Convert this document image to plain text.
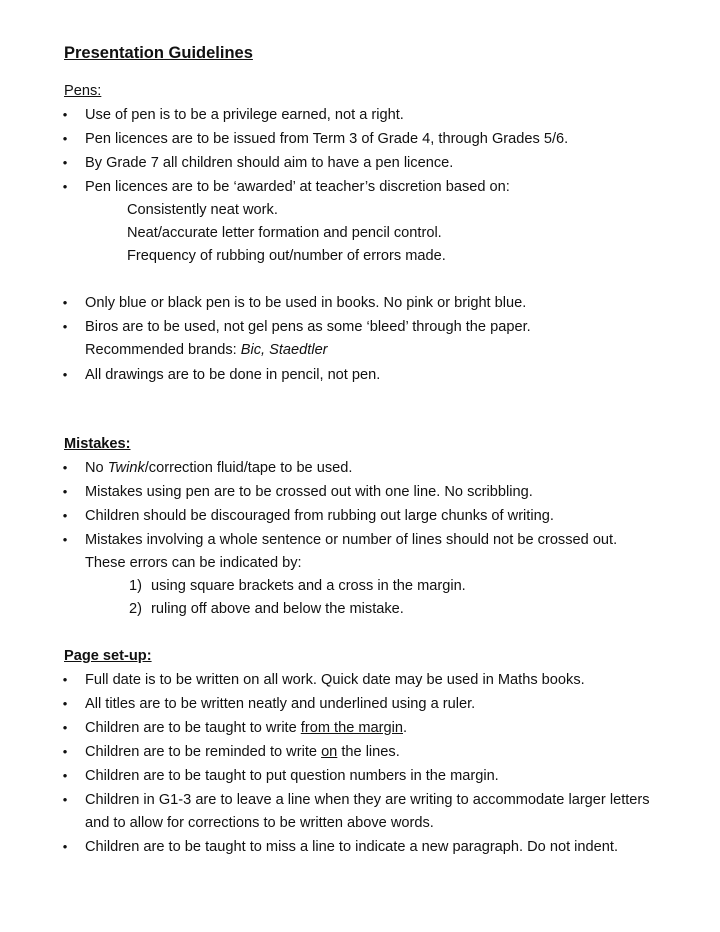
Presentation Guidelines
Pens:
• Use of pen is to be a privilege earned, not a right.
• Pen licences are to be issued from Term 3 of Grade 4, through Grades 5/6.
• By Grade 7 all children should aim to have a pen licence.
• Pen licences are to be ‘awarded’ at teacher’s discretion based on:
Consistently neat work.
Neat/accurate letter formation and pencil control.
Frequency of rubbing out/number of errors made.
• Only blue or black pen is to be used in books. No pink or bright blue.
• Biros are to be used, not gel pens as some ‘bleed’ through the paper.
Recommended brands: Bic, Staedtler
• All drawings are to be done in pencil, not pen.
Mistakes:
• No Twink/correction fluid/tape to be used.
• Mistakes using pen are to be crossed out with one line. No scribbling.
• Children should be discouraged from rubbing out large chunks of writing.
• Mistakes involving a whole sentence or number of lines should not be crossed out.
These errors can be indicated by:
1) using square brackets and a cross in the margin.
2) ruling off above and below the mistake.
Page set-up:
• Full date is to be written on all work. Quick date may be used in Maths books.
• All titles are to be written neatly and underlined using a ruler.
• Children are to be taught to write from the margin.
• Children are to be reminded to write on the lines.
• Children are to be taught to put question numbers in the margin.
• Children in G1-3 are to leave a line when they are writing to accommodate larger letters
and to allow for corrections to be written above words.
• Children are to be taught to miss a line to indicate a new paragraph. Do not indent.
